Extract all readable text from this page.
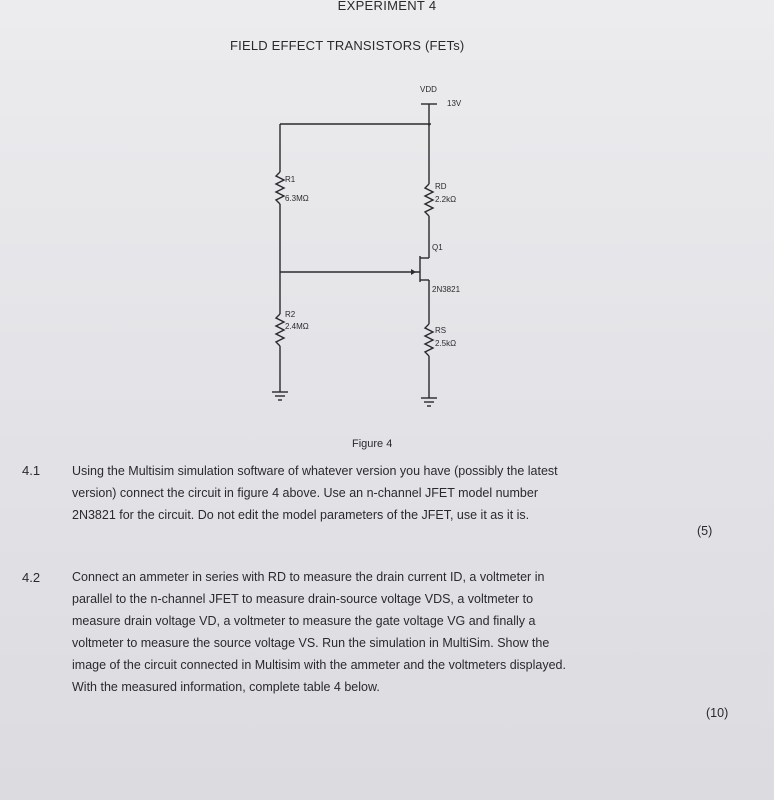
EXPERIMENT 4
FIELD EFFECT TRANSISTORS (FETs)
VDD
13V
R1
6.3MΩ
R2
2.4MΩ
RD
2.2kΩ
Q1
2N3821
RS
2.5kΩ
Figure 4
4.1	Using the Multisim simulation software of whatever version you have (possibly the latest
version) connect the circuit in figure 4 above. Use an n-channel JFET model number
2N3821 for the circuit. Do not edit the model parameters of the JFET, use it as it is.
(5)
4.2	Connect an ammeter in series with RD to measure the drain current ID, a voltmeter in
parallel to the n-channel JFET to measure drain-source voltage VDS, a voltmeter to
measure drain voltage VD, a voltmeter to measure the gate voltage VG and finally a
voltmeter to measure the source voltage VS. Run the simulation in MultiSim. Show the
image of the circuit connected in Multisim with the ammeter and the voltmeters displayed.
With the measured information, complete table 4 below.
(10)
